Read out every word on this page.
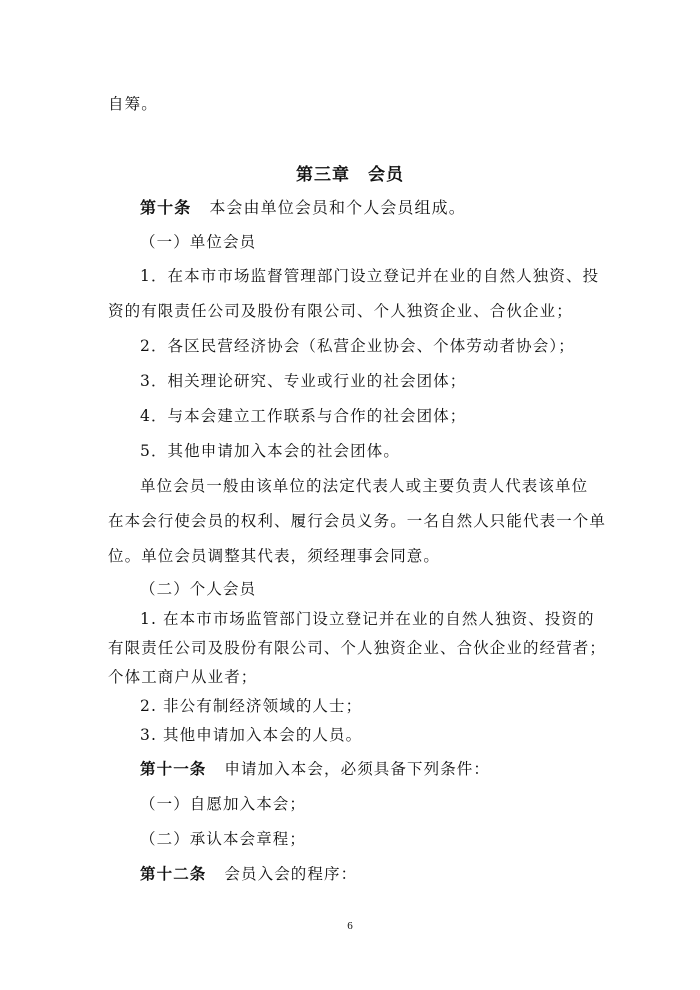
自筹。
第三章　会员
第十条 本会由单位会员和个人会员组成。
（一）单位会员
1．在本市市场监督管理部门设立登记并在业的自然人独资、投
资的有限责任公司及股份有限公司、个人独资企业、合伙企业；
2．各区民营经济协会（私营企业协会、个体劳动者协会）；
3．相关理论研究、专业或行业的社会团体；
4．与本会建立工作联系与合作的社会团体；
5．其他申请加入本会的社会团体。
单位会员一般由该单位的法定代表人或主要负责人代表该单位
在本会行使会员的权利、履行会员义务。一名自然人只能代表一个单
位。单位会员调整其代表，须经理事会同意。
（二）个人会员
1. 在本市市场监管部门设立登记并在业的自然人独资、投资的
有限责任公司及股份有限公司、个人独资企业、合伙企业的经营者；
个体工商户从业者；
2. 非公有制经济领域的人士；
3. 其他申请加入本会的人员。
第十一条 申请加入本会，必须具备下列条件：
（一）自愿加入本会；
（二）承认本会章程；
第十二条 会员入会的程序：
6
